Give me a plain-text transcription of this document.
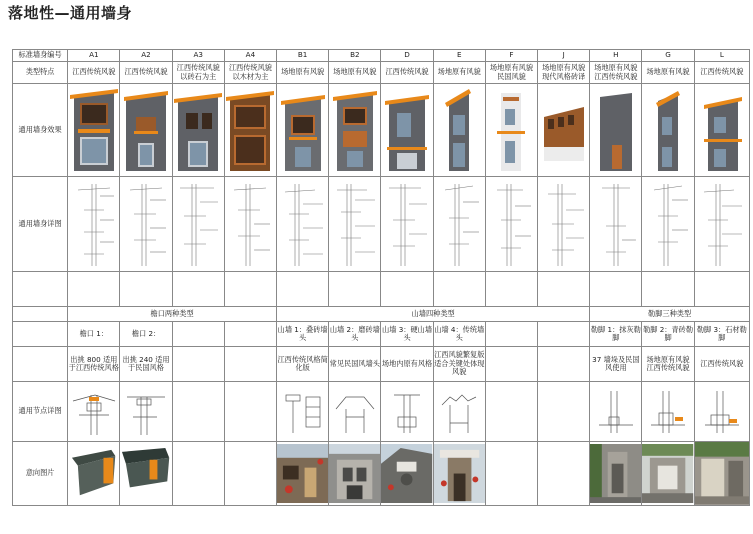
落地性—通用墙身
标准墙身编号	A1	A2	A3	A4	B1	B2	D	E	F	J	H	G	L
类型特点	江西传统风貌	江西传统风貌	江西传统风貌 以砖石为主	江西传统风貌 以木材为主	场地原有风貌	场地原有风貌	江西传统风貌	场地原有风貌	场地原有风貌 民国风貌	场地原有风貌 现代风格砖译	场地原有风貌 江西传统风貌	场地原有风貌	江西传统风貌
通用墙身效果	

通用墙身详图	

	檐口两种类型				山墙四种类型						勒脚三种类型		
	檐口 1：	檐口 2：			山墙 1：叠砖墙头	山墙 2：磨砖墙头	山墙 3：硬山墙头	山墙 4：传统墙头			勒脚 1：抹灰勒脚	勒脚 2：青砖勒脚	勒脚 3：石材勒脚
	出挑 800 适用于江西传统风格	出挑 240 适用于民国风格			江西传统风格简化版	常见民国风墙头	场地内原有风格	江西风貌繁复版 适合关键处体现风貌			37 墙垛及民国风使用	场地原有风貌 江西传统风貌	江西传统风貌
通用节点详图	

意向图片	
